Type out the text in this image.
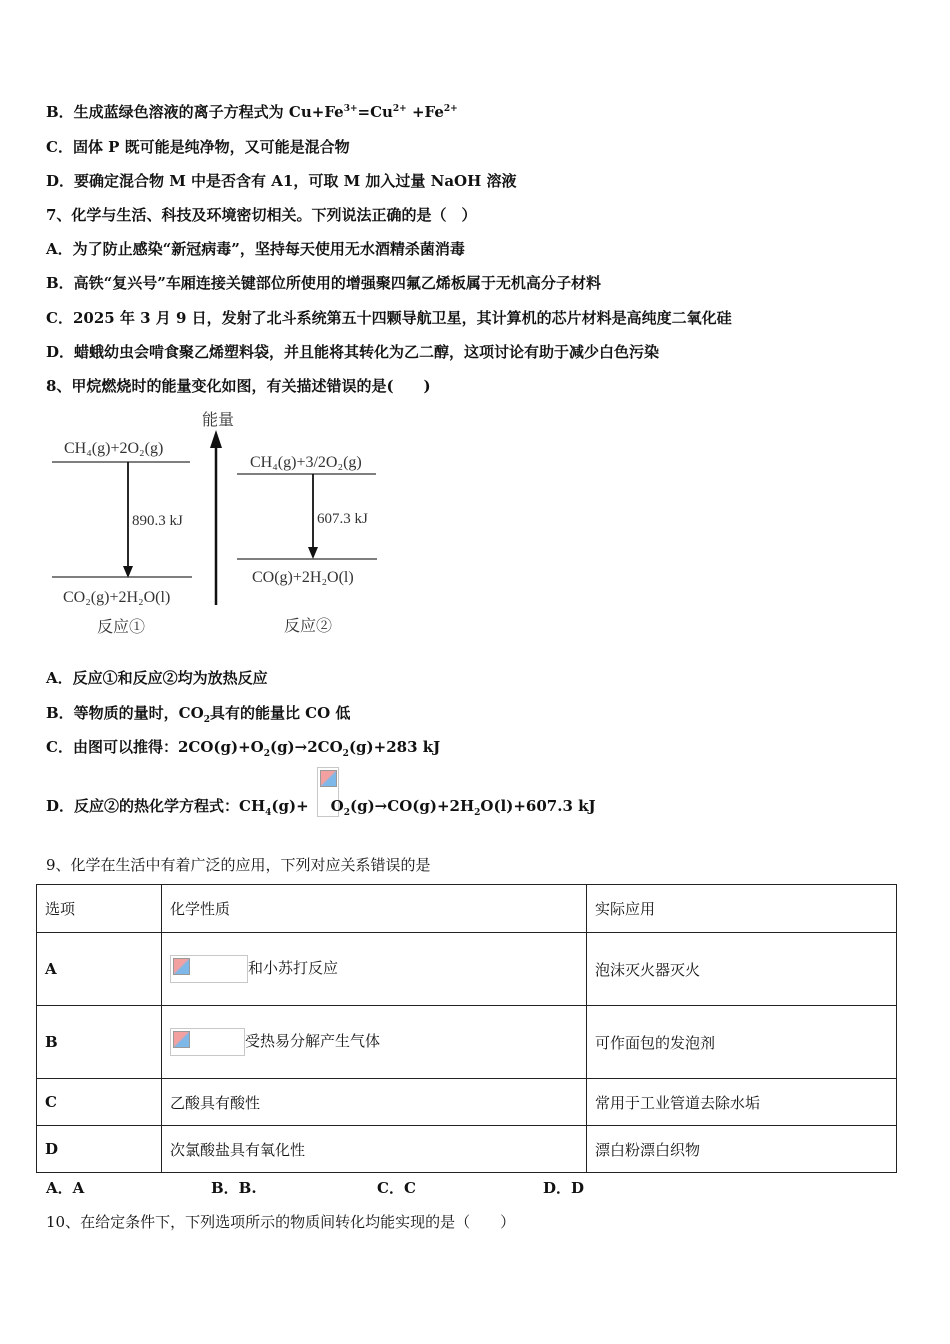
B．生成蓝绿色溶液的离子方程式为 $Cu+Fe^{3+}=Cu^{2+} +Fe^{2+}$
C．固体 P 既可能是纯净物，又可能是混合物
D．要确定混合物 M 中是否含有 A1，可取 M 加入过量 NaOH 溶液
7、化学与生活、科技及环境密切相关。下列说法正确的是（　）
A．为了防止感染“新冠病毒”，坚持每天使用无水酒精杀菌消毒
B．高铁“复兴号”车厢连接关键部位所使用的增强聚四氟乙烯板属于无机高分子材料
C．2025 年 3 月 9 日，发射了北斗系统第五十四颗导航卫星，其计算机的芯片材料是高纯度二氧化硅
D．蜡蛾幼虫会啃食聚乙烯塑料袋，并且能将其转化为乙二醇，这项讨论有助于减少白色污染
8、甲烷燃烧时的能量变化如图，有关描述错误的是(　　)
能量
CH₄(g)+2O₂(g)
890.3 kJ
CO₂(g)+2H₂O(l)
反应①
CH₄(g)+3/2O₂(g)
607.3 kJ
CO(g)+2H₂O(l)
反应②
A．反应①和反应②均为放热反应
B．等物质的量时，$CO_2$具有的能量比 CO 低
C．由图可以推得：$2CO(g)+O_2(g)\to 2CO_2(g)+283$ kJ
D．反应②的热化学方程式：$CH_4(g)+ O_2(g)\to CO(g)+2H_2O(l)+607.3$ kJ
9、化学在生活中有着广泛的应用，下列对应关系错误的是
选项	化学性质	实际应用
A	和小苏打反应	泡沫灭火器灭火
B	受热易分解产生气体	可作面包的发泡剂
C	乙酸具有酸性	常用于工业管道去除水垢
D	次氯酸盐具有氧化性	漂白粉漂白织物
A．A	B．B.	C．C	D．D
10、在给定条件下，下列选项所示的物质间转化均能实现的是（　　）
